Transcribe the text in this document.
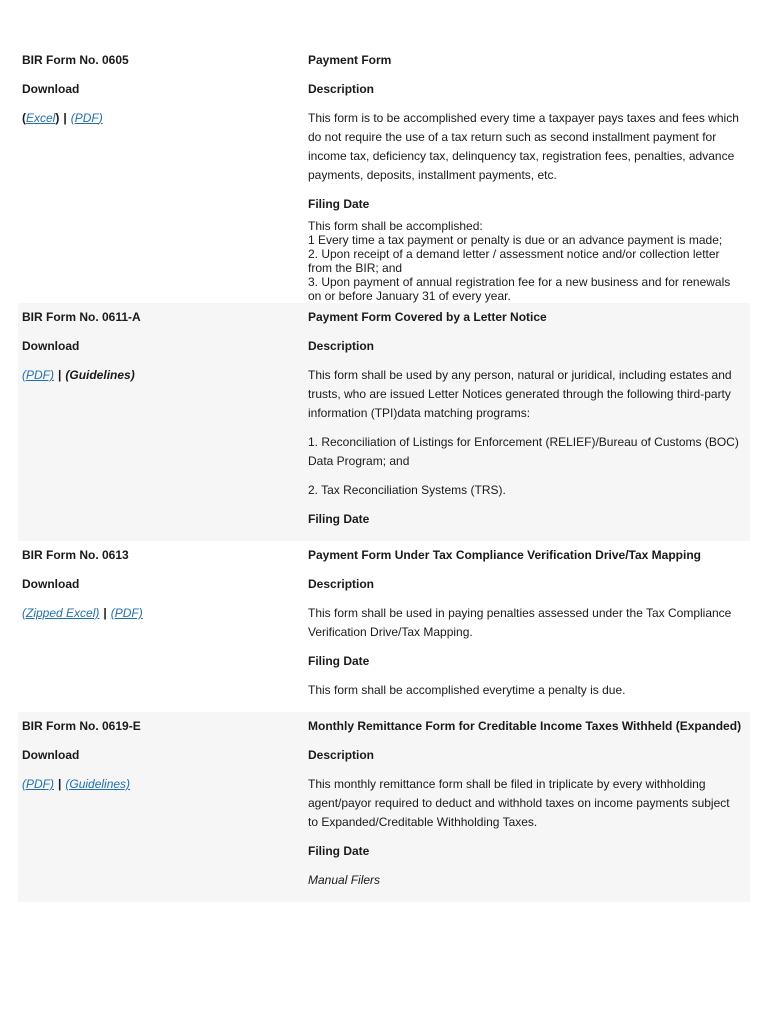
BIR Form No. 0605
Download
(Excel) | (PDF)
Payment Form
Description

This form is to be accomplished every time a taxpayer pays taxes and fees which do not require the use of a tax return such as second installment payment for income tax, deficiency tax, delinquency tax, registration fees, penalties, advance payments, deposits, installment payments, etc.

Filing Date
This form shall be accomplished:
1 Every time a tax payment or penalty is due or an advance payment is made;
2. Upon receipt of a demand letter / assessment notice and/or collection letter from the BIR; and
3. Upon payment of annual registration fee for a new business and for renewals on or before January 31 of every year.
BIR Form No. 0611-A
Download
(PDF) | (Guidelines)
Payment Form Covered by a Letter Notice
Description

This form shall be used by any person, natural or juridical, including estates and trusts, who are issued Letter Notices generated through the following third-party information (TPI)data matching programs:

1. Reconciliation of Listings for Enforcement (RELIEF)/Bureau of Customs (BOC) Data Program; and

2. Tax Reconciliation Systems (TRS).

Filing Date
BIR Form No. 0613
Download
(Zipped Excel) | (PDF)
Payment Form Under Tax Compliance Verification Drive/Tax Mapping
Description

This form shall be used in paying penalties assessed under the Tax Compliance Verification Drive/Tax Mapping.

Filing Date

This form shall be accomplished everytime a penalty is due.

BIR Form No. 0619-E
Download
(PDF) | (Guidelines)
Monthly Remittance Form for Creditable Income Taxes Withheld (Expanded)
Description

This monthly remittance form shall be filed in triplicate by every withholding agent/payor required to deduct and withhold taxes on income payments subject to Expanded/Creditable Withholding Taxes.

Filing Date

Manual Filers
